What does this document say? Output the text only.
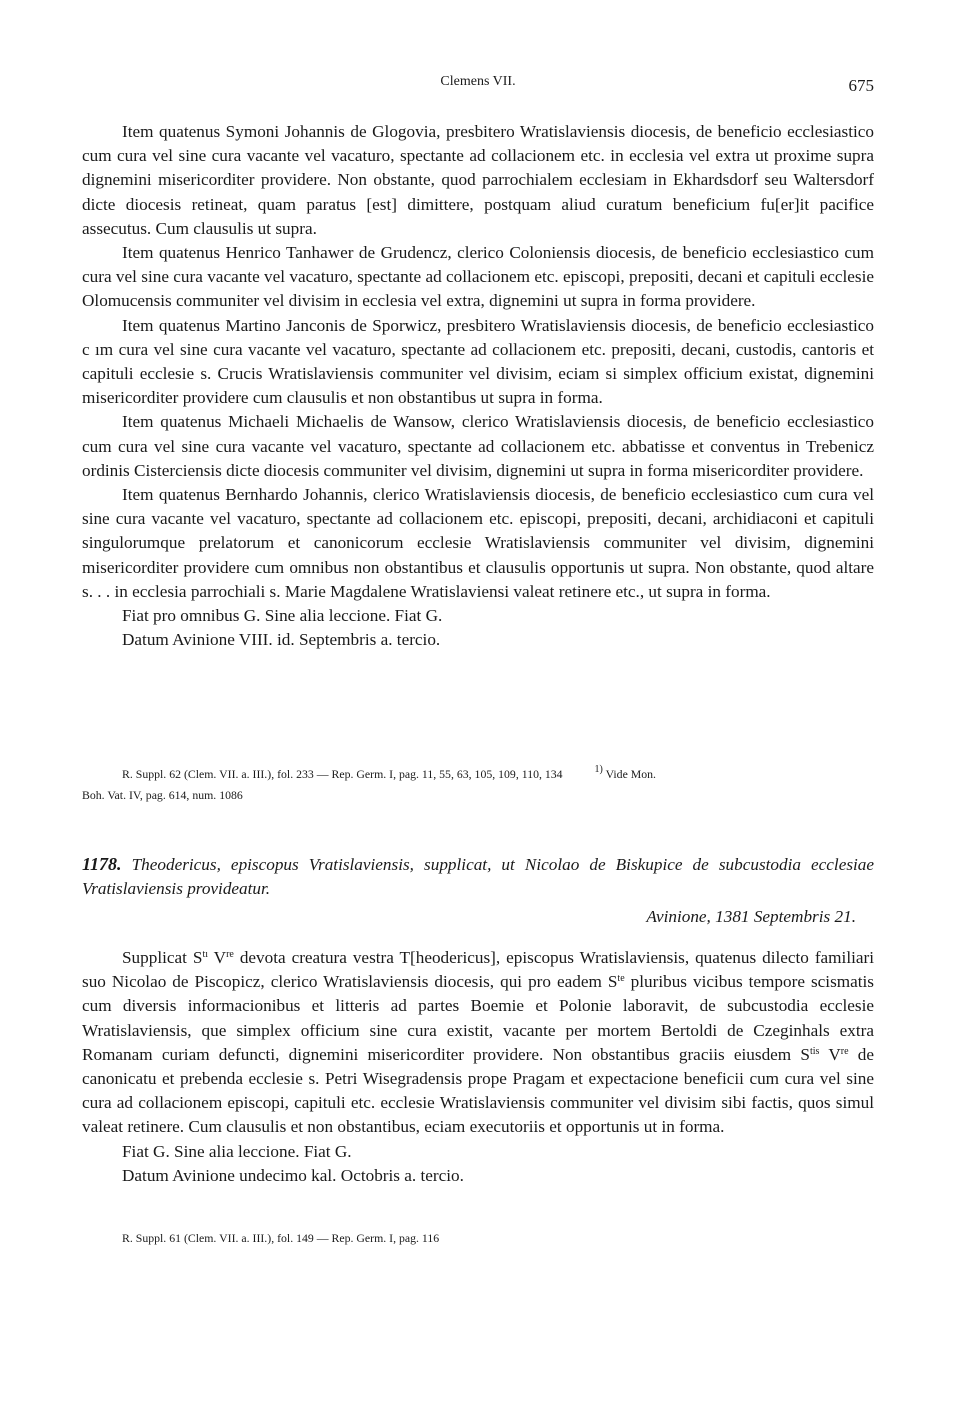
Clemens VII.	675

Item quatenus Symoni Johannis de Glogovia, presbitero Wratislaviensis diocesis, de beneficio ecclesiastico cum cura vel sine cura vacante vel vacaturo, spectante ad collacionem etc. in ecclesia vel extra ut proxime supra dignemini misericorditer providere. Non obstante, quod parrochialem ecclesiam in Ekhardsdorf seu Waltersdorf dicte diocesis retineat, quam paratus [est] dimittere, postquam aliud curatum beneficium fu[er]it pacifice assecutus. Cum clausulis ut supra.

Item quatenus Henrico Tanhawer de Grudencz, clerico Coloniensis diocesis, de beneficio ecclesiastico cum cura vel sine cura vacante vel vacaturo, spectante ad collacionem etc. episcopi, prepositi, decani et capituli ecclesie Olomucensis communiter vel divisim in ecclesia vel extra, dignemini ut supra in forma providere.

Item quatenus Martino Janconis de Sporwicz, presbitero Wratislaviensis diocesis, de beneficio ecclesiastico c ım cura vel sine cura vacante vel vacaturo, spectante ad collacionem etc. prepositi, decani, custodis, cantoris et capituli ecclesie s. Crucis Wratislaviensis communiter vel divisim, eciam si simplex officium existat, dignemini misericorditer providere cum clausulis et non obstantibus ut supra in forma.

Item quatenus Michaeli Michaelis de Wansow, clerico Wratislaviensis diocesis, de beneficio ecclesiastico cum cura vel sine cura vacante vel vacaturo, spectante ad collacionem etc. abbatisse et conventus in Trebenicz ordinis Cisterciensis dicte diocesis communiter vel divisim, dignemini ut supra in forma misericorditer providere.

Item quatenus Bernhardo Johannis, clerico Wratislaviensis diocesis, de beneficio ecclesiastico cum cura vel sine cura vacante vel vacaturo, spectante ad collacionem etc. episcopi, prepositi, decani, archidiaconi et capituli singulorumque prelatorum et canonicorum ecclesie Wratislaviensis communiter vel divisim, dignemini misericorditer providere cum omnibus non obstantibus et clausulis opportunis ut supra. Non obstante, quod altare s. . . in ecclesia parrochiali s. Marie Magdalene Wratislaviensi valeat retinere etc., ut supra in forma.

Fiat pro omnibus G. Sine alia leccione. Fiat G.

Datum Avinione VIII. id. Septembris a. tercio.

R. Suppl. 62 (Clem. VII. a. III.), fol. 233 — Rep. Germ. I, pag. 11, 55, 63, 105, 109, 110, 134	$^{1)}$ Vide Mon.

Boh. Vat. IV, pag. 614, num. 1086

1178. Theodericus, episcopus Vratislaviensis, supplicat, ut Nicolao de Biskupice de subcustodia ecclesiae Vratislaviensis provideatur.

Avinione, 1381 Septembris 21.

Supplicat $S^{tı}$ Vre devota creatura vestra T[heodericus], episcopus Wratislaviensis, quatenus dilecto familiari suo Nicolao de Piscopicz, clerico Wratislaviensis diocesis, qui pro eadem $S^{te}$ pluribus vicibus tempore scismatis cum diversis informacionibus et litteris ad partes Boemie et Polonie laboravit, de subcustodia ecclesie Wratislaviensis, que simplex officium sine cura existit, vacante per mortem Bertoldi de Czeginhals extra Romanam curiam defuncti, dignemini misericorditer providere. Non obstantibus graciis eiusdem $S^{tis}$ Vre de canonicatu et prebenda ecclesie s. Petri Wisegradensis prope Pragam et expectacione beneficii cum cura vel sine cura ad collacionem episcopi, capituli etc. ecclesie Wratislaviensis communiter vel divisim sibi factis, quos simul valeat retinere. Cum clausulis et non obstantibus, eciam executoriis et opportunis ut in forma.

Fiat G. Sine alia leccione. Fiat G.

Datum Avinione undecimo kal. Octobris a. tercio.

R. Suppl. 61 (Clem. VII. a. III.), fol. 149 — Rep. Germ. I, pag. 116
